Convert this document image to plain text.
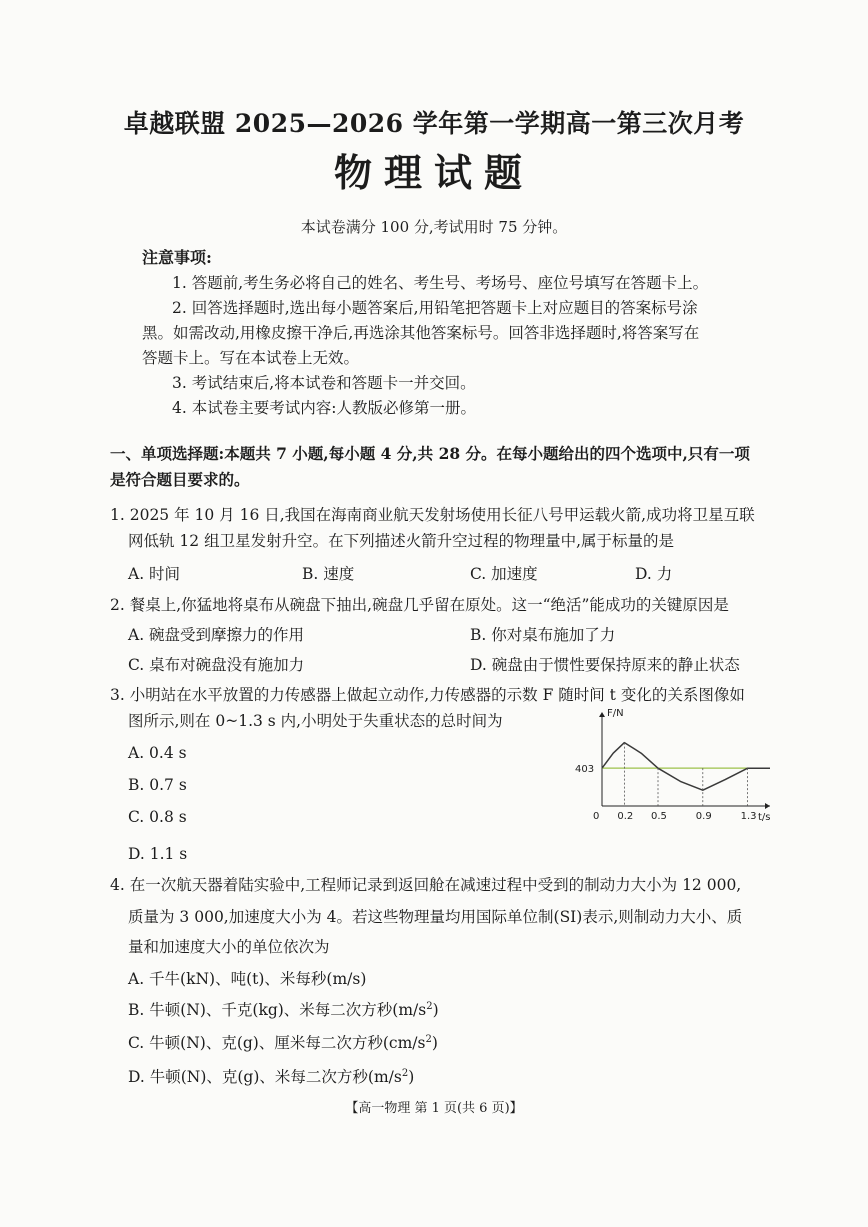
卓越联盟 2025—2026 学年第一学期高一第三次月考
物理试题
本试卷满分 100 分,考试用时 75 分钟。
注意事项:
1. 答题前,考生务必将自己的姓名、考生号、考场号、座位号填写在答题卡上。
2. 回答选择题时,选出每小题答案后,用铅笔把答题卡上对应题目的答案标号涂
黑。如需改动,用橡皮擦干净后,再选涂其他答案标号。回答非选择题时,将答案写在
答题卡上。写在本试卷上无效。
3. 考试结束后,将本试卷和答题卡一并交回。
4. 本试卷主要考试内容:人教版必修第一册。
一、单项选择题:本题共 7 小题,每小题 4 分,共 28 分。在每小题给出的四个选项中,只有一项
是符合题目要求的。
1. 2025 年 10 月 16 日,我国在海南商业航天发射场使用长征八号甲运载火箭,成功将卫星互联
网低轨 12 组卫星发射升空。在下列描述火箭升空过程的物理量中,属于标量的是
A. 时间	B. 速度	C. 加速度	D. 力
2. 餐桌上,你猛地将桌布从碗盘下抽出,碗盘几乎留在原处。这一“绝活”能成功的关键原因是
A. 碗盘受到摩擦力的作用	B. 你对桌布施加了力
C. 桌布对碗盘没有施加力	D. 碗盘由于惯性要保持原来的静止状态
3. 小明站在水平放置的力传感器上做起立动作,力传感器的示数 F 随时间 t 变化的关系图像如
图所示,则在 0~1.3 s 内,小明处于失重状态的总时间为
A. 0.4 s
B. 0.7 s
C. 0.8 s
D. 1.1 s
F/N
t/s
0
403
0.2 0.5	0.9	1.3
4. 在一次航天器着陆实验中,工程师记录到返回舱在减速过程中受到的制动力大小为 12 000,
质量为 3 000,加速度大小为 4。若这些物理量均用国际单位制(SI)表示,则制动力大小、质
量和加速度大小的单位依次为
A. 千牛(kN)、吨(t)、米每秒(m/s)
B. 牛顿(N)、千克(kg)、米每二次方秒$(m/s^2)$
C. 牛顿(N)、克(g)、厘米每二次方秒$(cm/s^2)$
D. 牛顿(N)、克(g)、米每二次方秒$(m/s^2)$
【高一物理 第 1 页(共 6 页)】
